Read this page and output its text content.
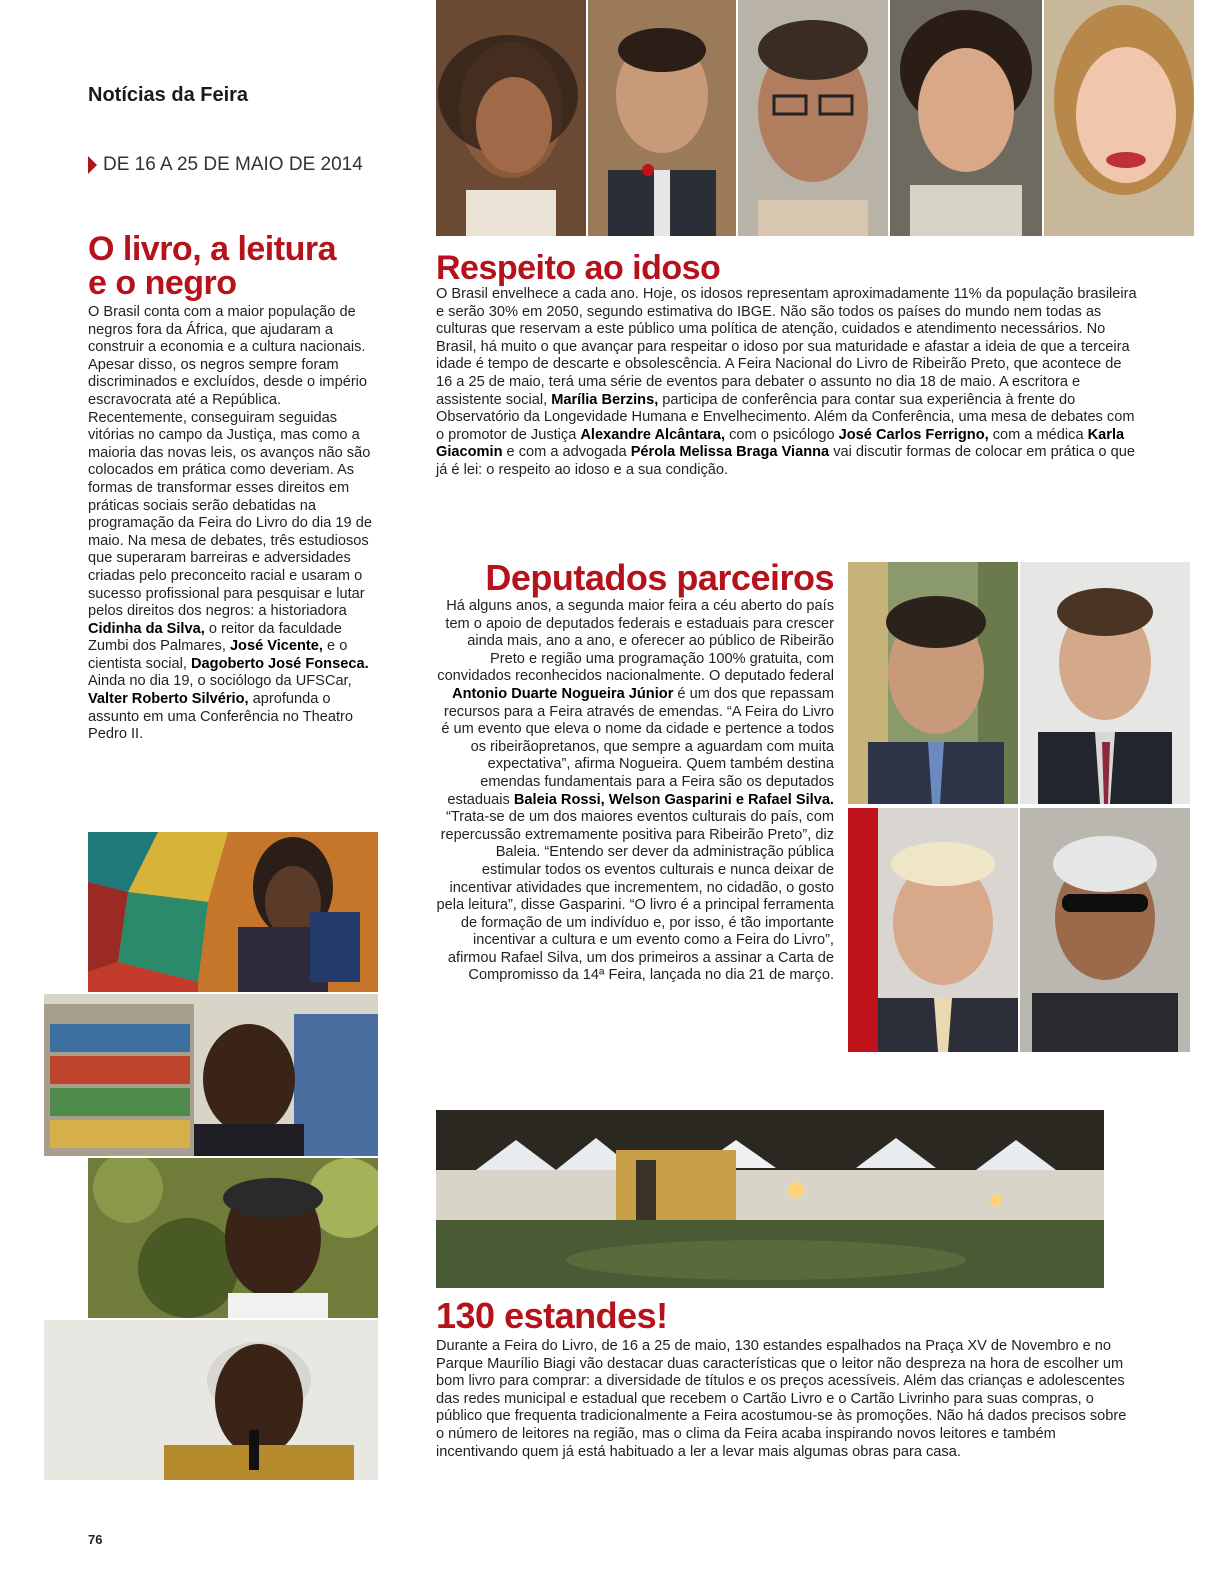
Notícias da Feira
DE 16 A 25 DE MAIO DE 2014
O livro, a leitura
e o negro
O Brasil conta com a maior população de negros fora da África, que ajudaram a construir a economia e a cultura nacionais. Apesar disso, os negros sempre foram discriminados e excluídos, desde o império escravocrata até a República. Recentemente, conseguiram seguidas vitórias no campo da Justiça, mas como a maioria das novas leis, os avanços não são colocados em prática como deveriam. As formas de transformar esses direitos em práticas sociais serão debatidas na programação da Feira do Livro do dia 19 de maio. Na mesa de debates, três estudiosos que superaram barreiras e adversidades criadas pelo preconceito racial e usaram o sucesso profissional para pesquisar e lutar pelos direitos dos negros: a historiadora Cidinha da Silva, o reitor da faculdade Zumbi dos Palmares, José Vicente, e o cientista social, Dagoberto José Fonseca. Ainda no dia 19, o sociólogo da UFSCar, Valter Roberto Silvério, aprofunda o assunto em uma Conferência no Theatro Pedro II.
Respeito ao idoso
O Brasil envelhece a cada ano. Hoje, os idosos representam aproximadamente 11% da população brasileira e serão 30% em 2050, segundo estimativa do IBGE. Não são todos os países do mundo nem todas as culturas que reservam a este público uma política de atenção, cuidados e atendimento necessários. No Brasil, há muito o que avançar para respeitar o idoso por sua maturidade e afastar a ideia de que a terceira idade é tempo de descarte e obsolescência. A Feira Nacional do Livro de Ribeirão Preto, que acontece de 16 a 25 de maio, terá uma série de eventos para debater o assunto no dia 18 de maio. A escritora e assistente social, Marília Berzins, participa de conferência para contar sua experiência à frente do Observatório da Longevidade Humana e Envelhecimento. Além da Conferência, uma mesa de debates com o promotor de Justiça Alexandre Alcântara, com o psicólogo José Carlos Ferrigno, com a médica Karla Giacomin e com a advogada Pérola Melissa Braga Vianna vai discutir formas de colocar em prática o que já é lei: o respeito ao idoso e a sua condição.
Deputados parceiros
Há alguns anos, a segunda maior feira a céu aberto do país tem o apoio de deputados federais e estaduais para crescer ainda mais, ano a ano, e oferecer ao público de Ribeirão Preto e região uma programação 100% gratuita, com convidados reconhecidos nacionalmente. O deputado federal Antonio Duarte Nogueira Júnior é um dos que repassam recursos para a Feira através de emendas. “A Feira do Livro é um evento que eleva o nome da cidade e pertence a todos os ribeirãopretanos, que sempre a aguardam com muita expectativa”, afirma Nogueira. Quem também destina emendas fundamentais para a Feira são os deputados estaduais Baleia Rossi, Welson Gasparini e Rafael Silva. “Trata-se de um dos maiores eventos culturais do país, com repercussão extremamente positiva para Ribeirão Preto”, diz Baleia. “Entendo ser dever da administração pública estimular todos os eventos culturais e nunca deixar de incentivar atividades que incrementem, no cidadão, o gosto pela leitura”, disse Gasparini. “O livro é a principal ferramenta de formação de um indivíduo e, por isso, é tão importante incentivar a cultura e um evento como a Feira do Livro”, afirmou Rafael Silva, um dos primeiros a assinar a Carta de Compromisso da 14ª Feira, lançada no dia 21 de março.
130 estandes!
Durante a Feira do Livro, de 16 a 25 de maio, 130 estandes espalhados na Praça XV de Novembro e no Parque Maurílio Biagi vão destacar duas características que o leitor não despreza na hora de escolher um bom livro para comprar: a diversidade de títulos e os preços acessíveis. Além das crianças e adolescentes das redes municipal e estadual que recebem o Cartão Livro e o Cartão Livrinho para suas compras, o público que frequenta tradicionalmente a Feira acostumou-se às promoções. Não há dados precisos sobre o número de leitores na região, mas o clima da Feira acaba inspirando novos leitores e também incentivando quem já está habituado a ler a levar mais algumas obras para casa.
76
